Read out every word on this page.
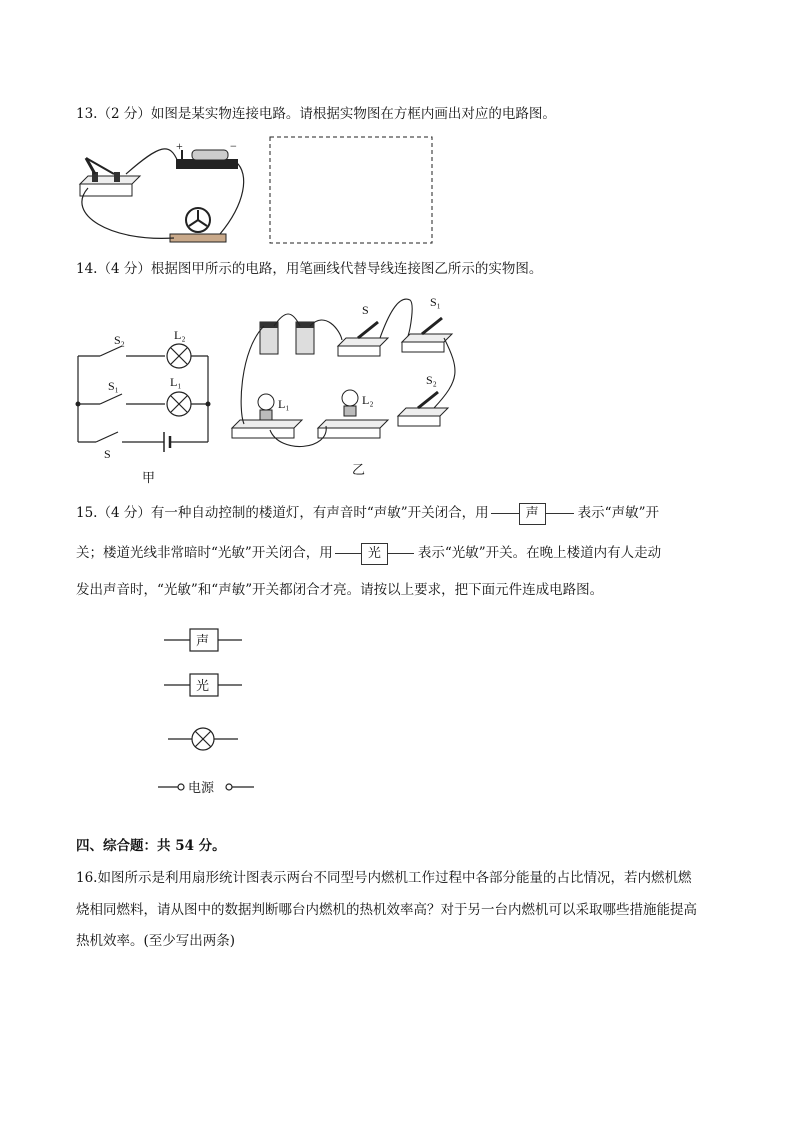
13.（2 分）如图是某实物连接电路。请根据实物图在方框内画出对应的电路图。
+	−
14.（4 分）根据图甲所示的电路，用笔画线代替导线连接图乙所示的实物图。
S₂	L₂
S₁	L₁
S
甲
S
S₁
S₂
L₁	L₂
乙
15.（4 分）有一种自动控制的楼道灯，有声音时“声敏”开关闭合，用	声	表示“声敏”开
关；楼道光线非常暗时“光敏”开关闭合，用	光	表示“光敏”开关。在晚上楼道内有人走动
发出声音时，“光敏”和“声敏”开关都闭合才亮。请按以上要求，把下面元件连成电路图。
声
光
电源
四、综合题：共 54 分。
16.如图所示是利用扇形统计图表示两台不同型号内燃机工作过程中各部分能量的占比情况，若内燃机燃
烧相同燃料，请从图中的数据判断哪台内燃机的热机效率高？对于另一台内燃机可以采取哪些措施能提高
热机效率。(至少写出两条)
